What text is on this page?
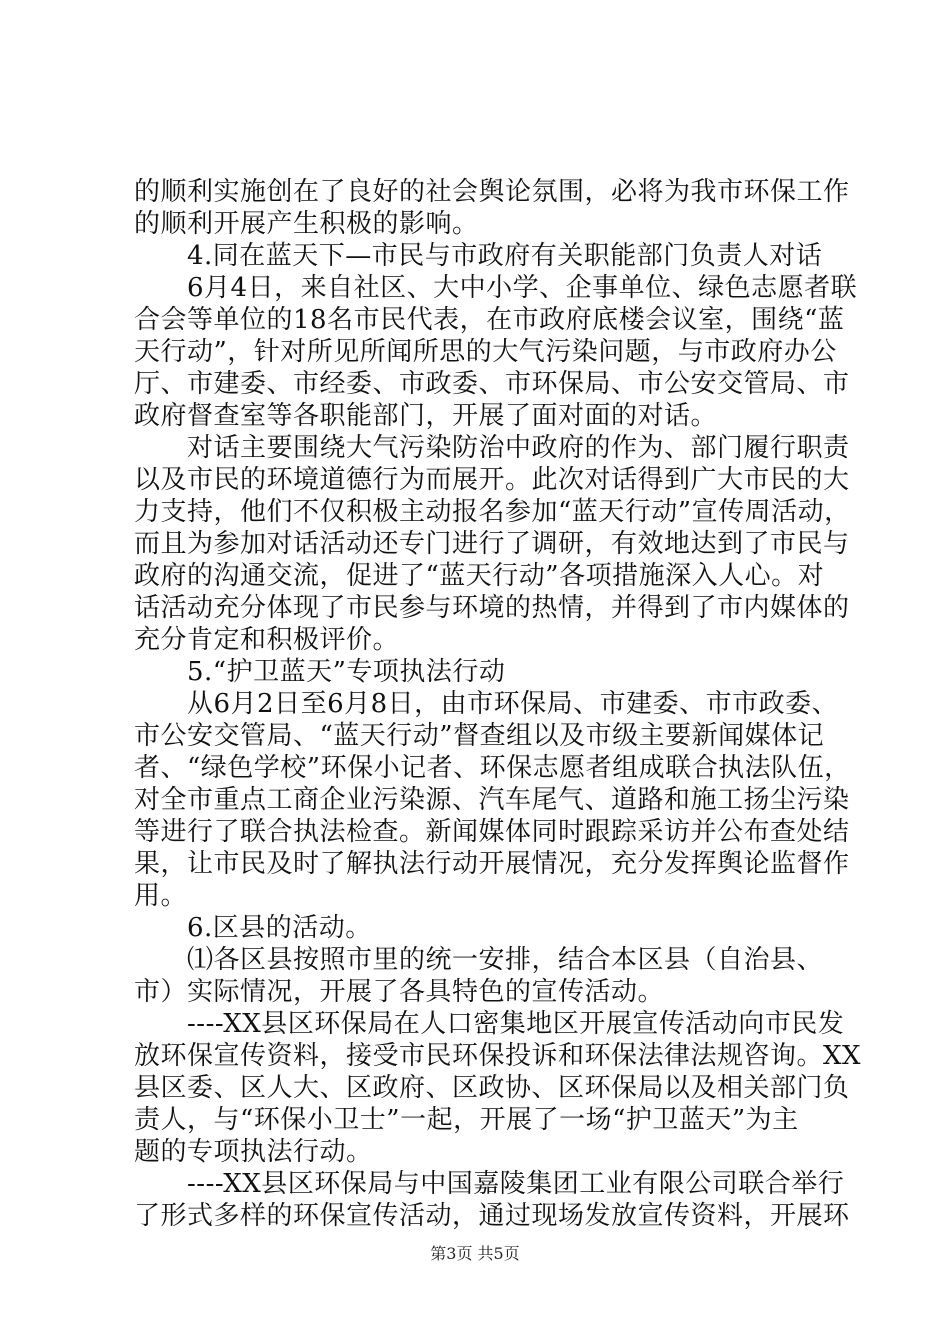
的顺利实施创在了良好的社会舆论氛围，必将为我市环保工作
的顺利开展产生积极的影响。
　　4.同在蓝天下—市民与市政府有关职能部门负责人对话
　　6月4日，来自社区、大中小学、企事单位、绿色志愿者联
合会等单位的18名市民代表，在市政府底楼会议室，围绕“蓝
天行动”，针对所见所闻所思的大气污染问题，与市政府办公
厅、市建委、市经委、市政委、市环保局、市公安交管局、市
政府督查室等各职能部门，开展了面对面的对话。
　　对话主要围绕大气污染防治中政府的作为、部门履行职责
以及市民的环境道德行为而展开。此次对话得到广大市民的大
力支持，他们不仅积极主动报名参加“蓝天行动”宣传周活动，
而且为参加对话活动还专门进行了调研，有效地达到了市民与
政府的沟通交流，促进了“蓝天行动”各项措施深入人心。对
话活动充分体现了市民参与环境的热情，并得到了市内媒体的
充分肯定和积极评价。
　　5.“护卫蓝天”专项执法行动
　　从6月2日至6月8日，由市环保局、市建委、市市政委、
市公安交管局、“蓝天行动”督查组以及市级主要新闻媒体记
者、“绿色学校”环保小记者、环保志愿者组成联合执法队伍，
对全市重点工商企业污染源、汽车尾气、道路和施工扬尘污染
等进行了联合执法检查。新闻媒体同时跟踪采访并公布查处结
果，让市民及时了解执法行动开展情况，充分发挥舆论监督作
用。
　　6.区县的活动。
　　⑴各区县按照市里的统一安排，结合本区县（自治县、
市）实际情况，开展了各具特色的宣传活动。
　　----XX县区环保局在人口密集地区开展宣传活动向市民发
放环保宣传资料，接受市民环保投诉和环保法律法规咨询。XX
县区委、区人大、区政府、区政协、区环保局以及相关部门负
责人，与“环保小卫士”一起，开展了一场“护卫蓝天”为主
题的专项执法行动。
　　----XX县区环保局与中国嘉陵集团工业有限公司联合举行
了形式多样的环保宣传活动，通过现场发放宣传资料，开展环
第3页 共5页
